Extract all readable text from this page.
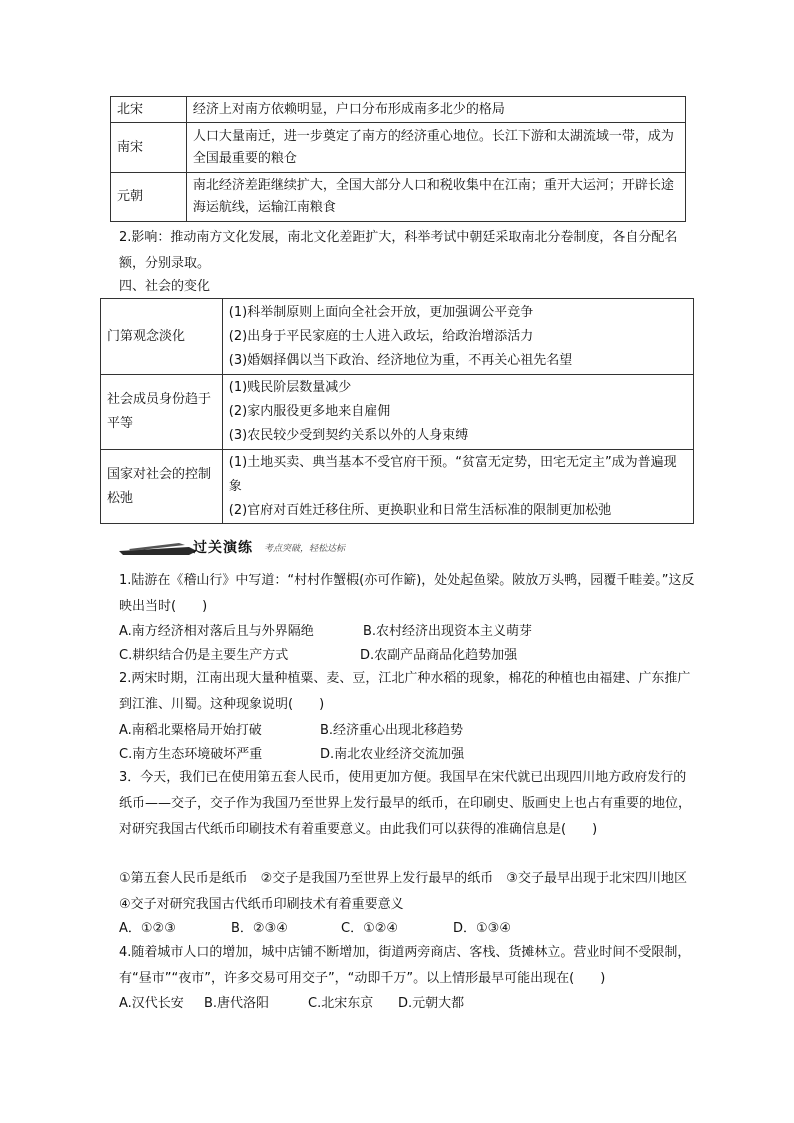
北宋	经济上对南方依赖明显，户口分布形成南多北少的格局
南宋	人口大量南迁，进一步奠定了南方的经济重心地位。长江下游和太湖流域一带，成为全国最重要的粮仓
元朝	南北经济差距继续扩大，全国大部分人口和税收集中在江南；重开大运河；开辟长途海运航线，运输江南粮食
2.影响：推动南方文化发展，南北文化差距扩大，科举考试中朝廷采取南北分卷制度，各自分配名额，分别录取。
四、社会的变化
门第观念淡化	(1)科举制原则上面向全社会开放，更加强调公平竞争
(2)出身于平民家庭的士人进入政坛，给政治增添活力
(3)婚姻择偶以当下政治、经济地位为重，不再关心祖先名望

社会成员身份趋于平等	(1)贱民阶层数量减少
(2)家内服役更多地来自雇佣
(3)农民较少受到契约关系以外的人身束缚

国家对社会的控制松弛	(1)土地买卖、典当基本不受官府干预。“贫富无定势，田宅无定主”成为普遍现象
(2)官府对百姓迁移住所、更换职业和日常生活标准的限制更加松弛
过关演练 考点突破，轻松达标
1.陆游在《稽山行》中写道：“村村作蟹椵(亦可作簖)，处处起鱼梁。陂放万头鸭，园覆千畦姜。”这反映出当时(　　)
A.南方经济相对落后且与外界隔绝	B.农村经济出现资本主义萌芽
C.耕织结合仍是主要生产方式	D.农副产品商品化趋势加强
2.两宋时期，江南出现大量种植粟、麦、豆，江北广种水稻的现象，棉花的种植也由福建、广东推广到江淮、川蜀。这种现象说明(　　)
A.南稻北粟格局开始打破	B.经济重心出现北移趋势
C.南方生态环境破坏严重	D.南北农业经济交流加强
3．今天，我们已在使用第五套人民币，使用更加方便。我国早在宋代就已出现四川地方政府发行的纸币——交子，交子作为我国乃至世界上发行最早的纸币，在印刷史、版画史上也占有重要的地位，对研究我国古代纸币印刷技术有着重要意义。由此我们可以获得的准确信息是(　　)
①第五套人民币是纸币　②交子是我国乃至世界上发行最早的纸币　③交子最早出现于北宋四川地区　④交子对研究我国古代纸币印刷技术有着重要意义
A．①②③	B．②③④	C．①②④	D．①③④
4.随着城市人口的增加，城中店铺不断增加，街道两旁商店、客栈、货摊林立。营业时间不受限制，有“昼市”“夜市”，许多交易可用交子”，“动即千万”。以上情形最早可能出现在(　　)
A.汉代长安 B.唐代洛阳	C.北宋东京 D.元朝大都
